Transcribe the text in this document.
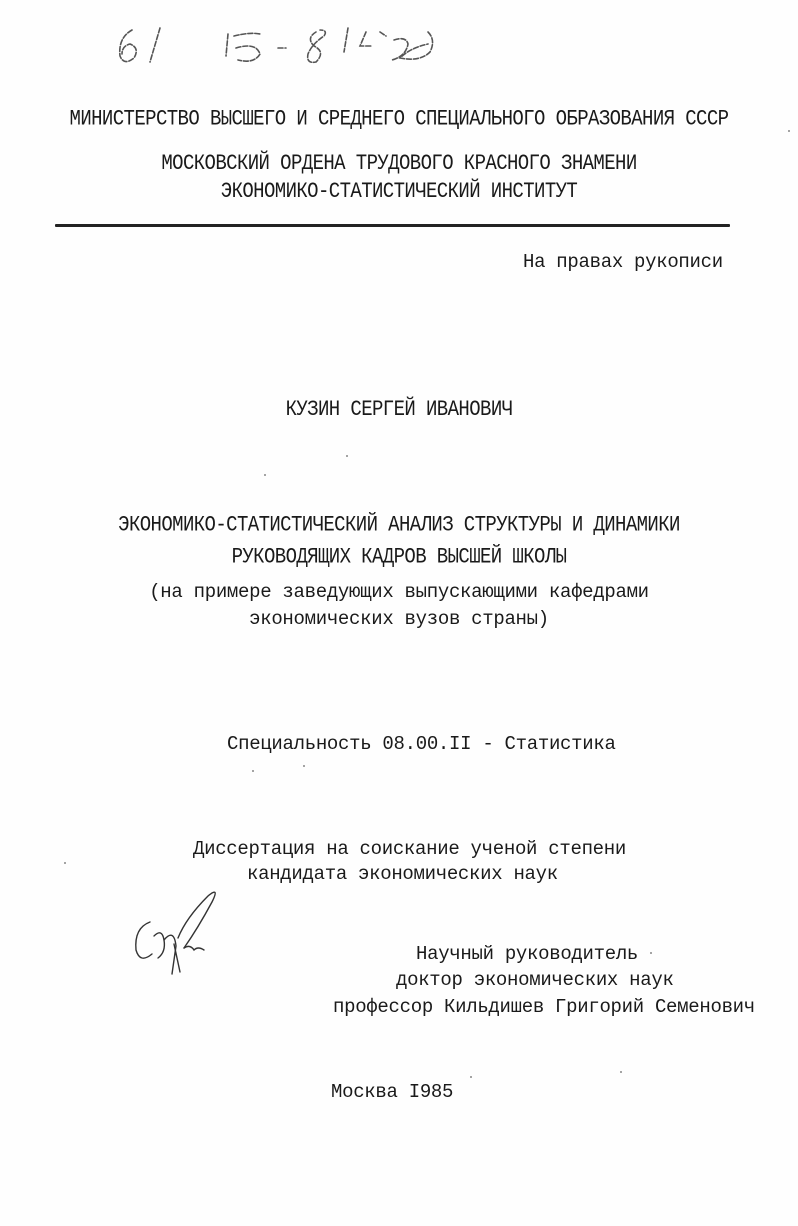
МИНИСТЕРСТВО ВЫСШЕГО И СРЕДНЕГО СПЕЦИАЛЬНОГО ОБРАЗОВАНИЯ СССР
МОСКОВСКИЙ ОРДЕНА ТРУДОВОГО КРАСНОГО ЗНАМЕНИ
ЭКОНОМИКО-СТАТИСТИЧЕСКИЙ ИНСТИТУТ
На правах рукописи
КУЗИН СЕРГЕЙ ИВАНОВИЧ
ЭКОНОМИКО-СТАТИСТИЧЕСКИЙ АНАЛИЗ СТРУКТУРЫ И ДИНАМИКИ
РУКОВОДЯЩИХ КАДРОВ ВЫСШЕЙ ШКОЛЫ
(на примере заведующих выпускающими кафедрами
экономических вузов страны)
Специальность 08.00.II - Статистика
Диссертация на соискание ученой степени
кандидата экономических наук
Научный руководитель
доктор экономических наук
профессор Кильдишев Григорий Семенович
Москва I985
